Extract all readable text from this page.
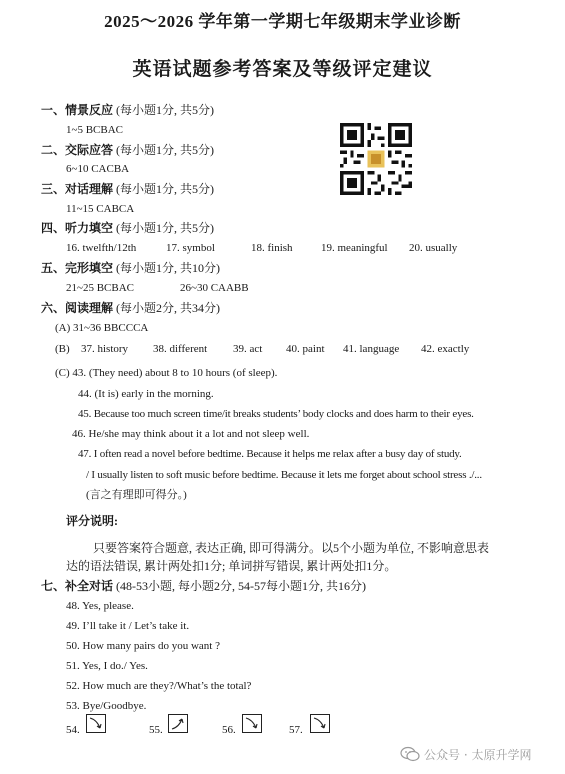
2025～2026 学年第一学期七年级期末学业诊断
英语试题参考答案及等级评定建议
一、情景反应 (每小题1分, 共5分)
1~5 BCBAC
二、交际应答 (每小题1分, 共5分)
6~10 CACBA
三、对话理解 (每小题1分, 共5分)
11~15 CABCA
四、听力填空 (每小题1分, 共5分)
16. twelfth/12th	17. symbol	18. finish	19. meaningful 20. usually
五、完形填空 (每小题1分, 共10分)
21~25 BCBAC	26~30 CAABB
六、阅读理解 (每小题2分, 共34分)
(A) 31~36 BBCCCA
(B) 37. history 38. different 39. act 40. paint 41. language 42. exactly
(C) 43. (They need) about 8 to 10 hours (of sleep).
44. (It is) early in the morning.
45. Because too much screen time/it breaks students’ body clocks and does harm to their eyes.
46. He/she may think about it a lot and not sleep well.
47. I often read a novel before bedtime. Because it helps me relax after a busy day of study.
/ I usually listen to soft music before bedtime. Because it lets me forget about school stress ./...
(言之有理即可得分。)
评分说明:
只要答案符合题意, 表达正确, 即可得满分。以5个小题为单位, 不影响意思表
达的语法错误, 累计两处扣1分; 单词拼写错误, 累计两处扣1分。
七、补全对话 (48-53小题, 每小题2分, 54-57每小题1分, 共16分)
48. Yes, please.
49. I’ll take it / Let’s take it.
50. How many pairs do you want ?
51. Yes, I do./ Yes.
52. How much are they?/What’s the total?
53. Bye/Goodbye.
54.	55.	56.	57.
公众号 · 太原升学网
